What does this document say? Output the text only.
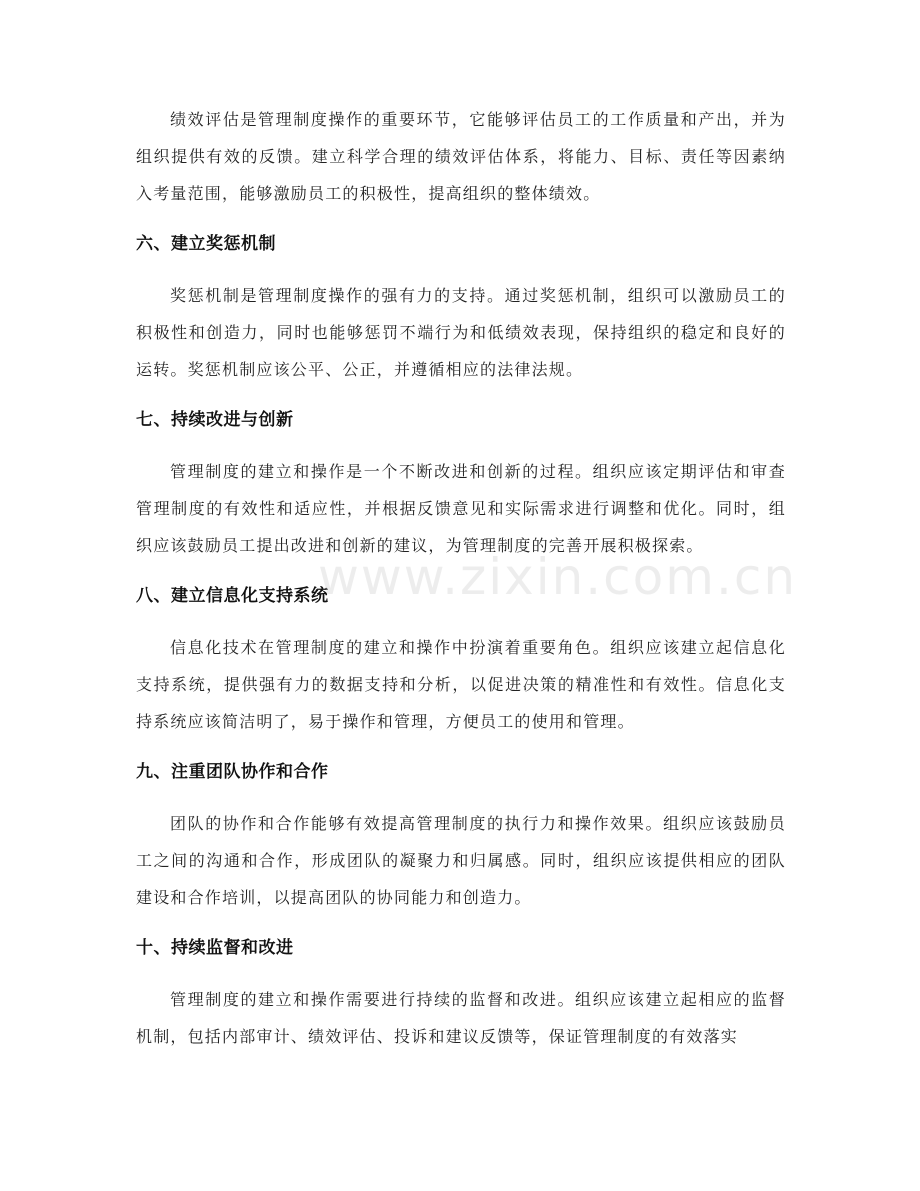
绩效评估是管理制度操作的重要环节，它能够评估员工的工作质量和产出，并为组织提供有效的反馈。建立科学合理的绩效评估体系，将能力、目标、责任等因素纳入考量范围，能够激励员工的积极性，提高组织的整体绩效。

六、建立奖惩机制

奖惩机制是管理制度操作的强有力的支持。通过奖惩机制，组织可以激励员工的积极性和创造力，同时也能够惩罚不端行为和低绩效表现，保持组织的稳定和良好的运转。奖惩机制应该公平、公正，并遵循相应的法律法规。

七、持续改进与创新

管理制度的建立和操作是一个不断改进和创新的过程。组织应该定期评估和审查管理制度的有效性和适应性，并根据反馈意见和实际需求进行调整和优化。同时，组织应该鼓励员工提出改进和创新的建议，为管理制度的完善开展积极探索。

八、建立信息化支持系统

信息化技术在管理制度的建立和操作中扮演着重要角色。组织应该建立起信息化支持系统，提供强有力的数据支持和分析，以促进决策的精准性和有效性。信息化支持系统应该简洁明了，易于操作和管理，方便员工的使用和管理。

九、注重团队协作和合作

团队的协作和合作能够有效提高管理制度的执行力和操作效果。组织应该鼓励员工之间的沟通和合作，形成团队的凝聚力和归属感。同时，组织应该提供相应的团队建设和合作培训，以提高团队的协同能力和创造力。

十、持续监督和改进

管理制度的建立和操作需要进行持续的监督和改进。组织应该建立起相应的监督机制，包括内部审计、绩效评估、投诉和建议反馈等，保证管理制度的有效落实

www.zixin.com.cn
